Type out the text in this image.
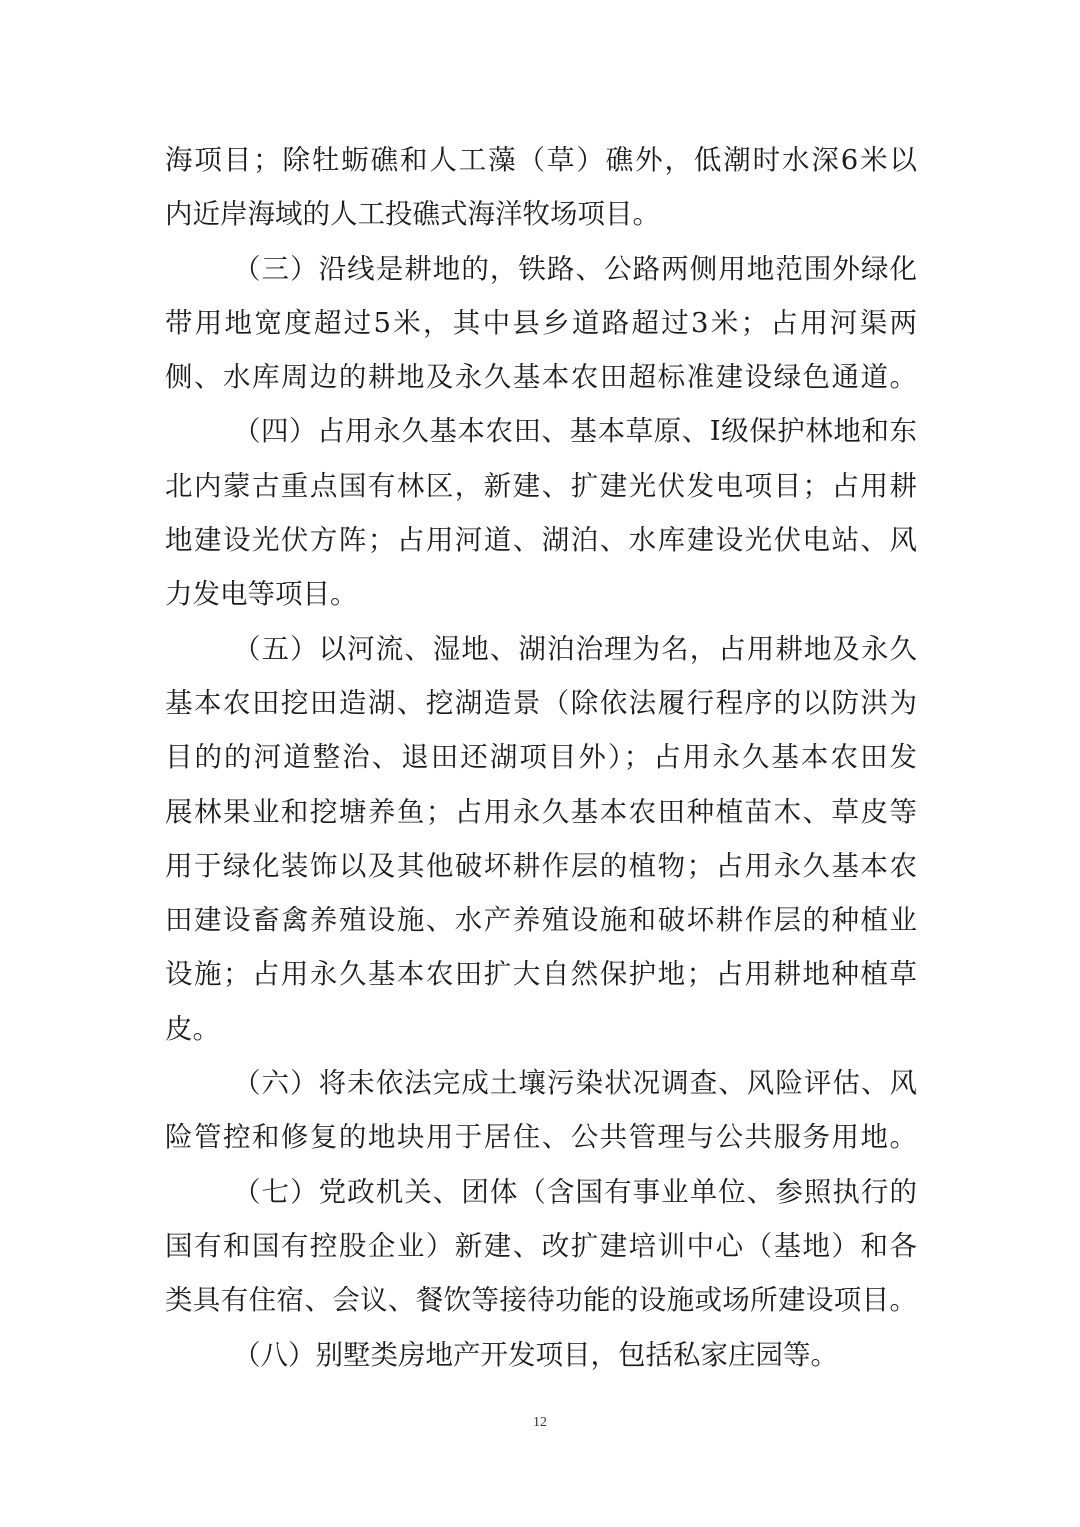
海项目；除牡蛎礁和人工藻（草）礁外，低潮时水深6米以
内近岸海域的人工投礁式海洋牧场项目。
（三）沿线是耕地的，铁路、公路两侧用地范围外绿化
带用地宽度超过5米，其中县乡道路超过3米；占用河渠两
侧、水库周边的耕地及永久基本农田超标准建设绿色通道。
（四）占用永久基本农田、基本草原、I级保护林地和东
北内蒙古重点国有林区，新建、扩建光伏发电项目；占用耕
地建设光伏方阵；占用河道、湖泊、水库建设光伏电站、风
力发电等项目。
（五）以河流、湿地、湖泊治理为名，占用耕地及永久
基本农田挖田造湖、挖湖造景（除依法履行程序的以防洪为
目的的河道整治、退田还湖项目外）；占用永久基本农田发
展林果业和挖塘养鱼；占用永久基本农田种植苗木、草皮等
用于绿化装饰以及其他破坏耕作层的植物；占用永久基本农
田建设畜禽养殖设施、水产养殖设施和破坏耕作层的种植业
设施；占用永久基本农田扩大自然保护地；占用耕地种植草
皮。
（六）将未依法完成土壤污染状况调查、风险评估、风
险管控和修复的地块用于居住、公共管理与公共服务用地。
（七）党政机关、团体（含国有事业单位、参照执行的
国有和国有控股企业）新建、改扩建培训中心（基地）和各
类具有住宿、会议、餐饮等接待功能的设施或场所建设项目。
（八）别墅类房地产开发项目，包括私家庄园等。
12
